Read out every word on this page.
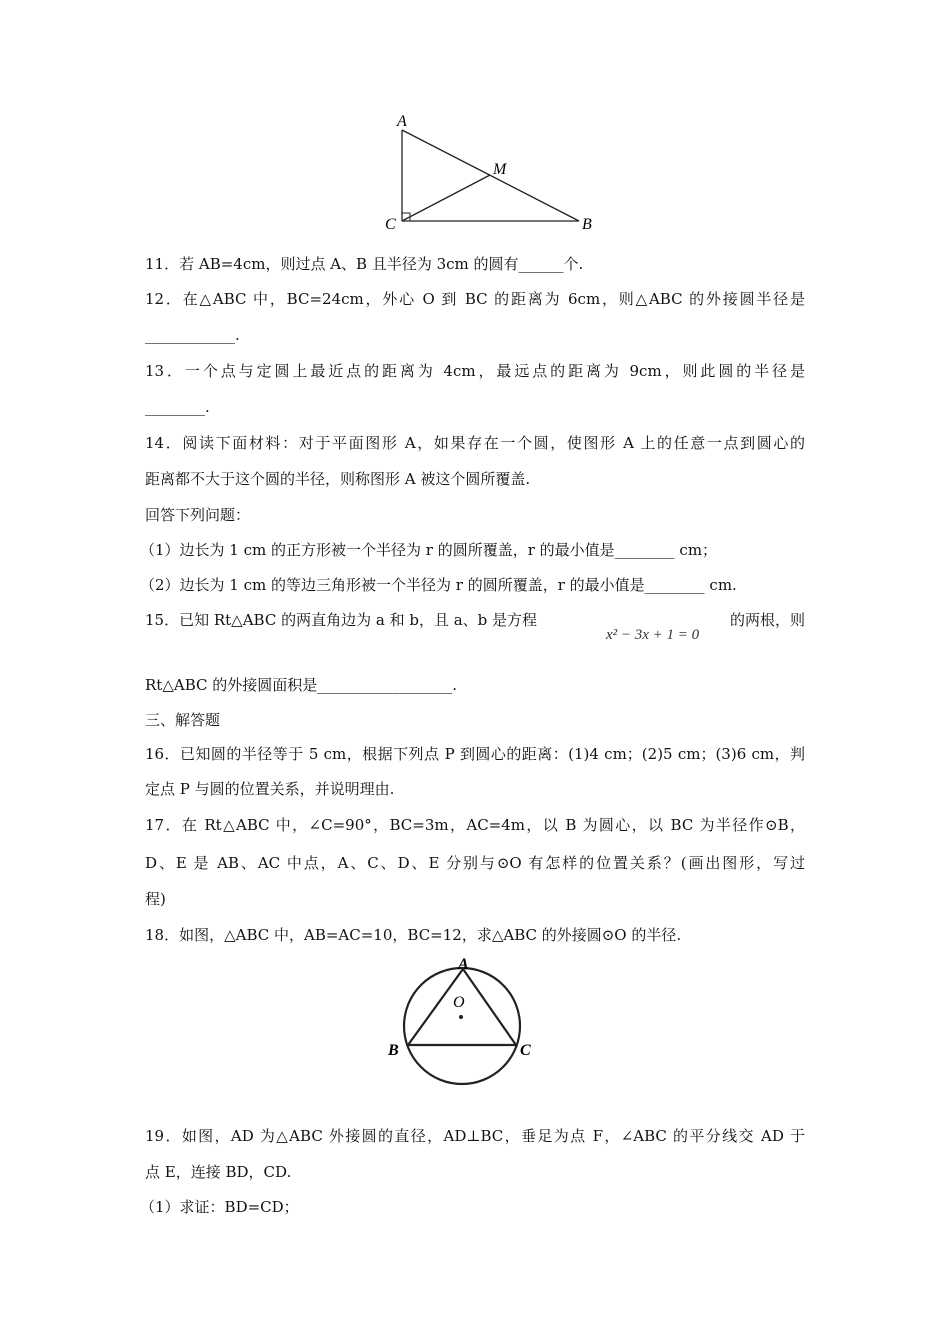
A
M
C	B
11．若 AB=4cm，则过点 A、B 且半径为 3cm 的圆有______个.
12．在△ABC 中，BC=24cm，外心 O 到 BC 的距离为 6cm，则△ABC 的外接圆半径是
____________.
13．一个点与定圆上最近点的距离为 4cm，最远点的距离为 9cm，则此圆的半径是
________.
14．阅读下面材料：对于平面图形 A，如果存在一个圆，使图形 A 上的任意一点到圆心的
距离都不大于这个圆的半径，则称图形 A 被这个圆所覆盖.
回答下列问题：
（1）边长为 1 cm 的正方形被一个半径为 r 的圆所覆盖，r 的最小值是________ cm；
（2）边长为 1 cm 的等边三角形被一个半径为 r 的圆所覆盖，r 的最小值是________ cm.
15．已知 Rt△ABC 的两直角边为 a 和 b，且 a、b 是方程	的两根，则
x² − 3x + 1 = 0
Rt△ABC 的外接圆面积是__________________.
三、解答题
16．已知圆的半径等于 5 cm，根据下列点 P 到圆心的距离：(1)4 cm；(2)5 cm；(3)6 cm，判
定点 P 与圆的位置关系，并说明理由.
17．在 Rt△ABC 中，∠C=90°，BC=3m，AC=4m，以 B 为圆心，以 BC 为半径作⊙B，
D、E 是 AB、AC 中点，A、C、D、E 分别与⊙O 有怎样的位置关系？(画出图形，写过
程)
18．如图，△ABC 中，AB=AC=10，BC=12，求△ABC 的外接圆⊙O 的半径.
A
O
B	C
19．如图，AD 为△ABC 外接圆的直径，AD⊥BC，垂足为点 F，∠ABC 的平分线交 AD 于
点 E，连接 BD，CD.
（1）求证：BD=CD；
